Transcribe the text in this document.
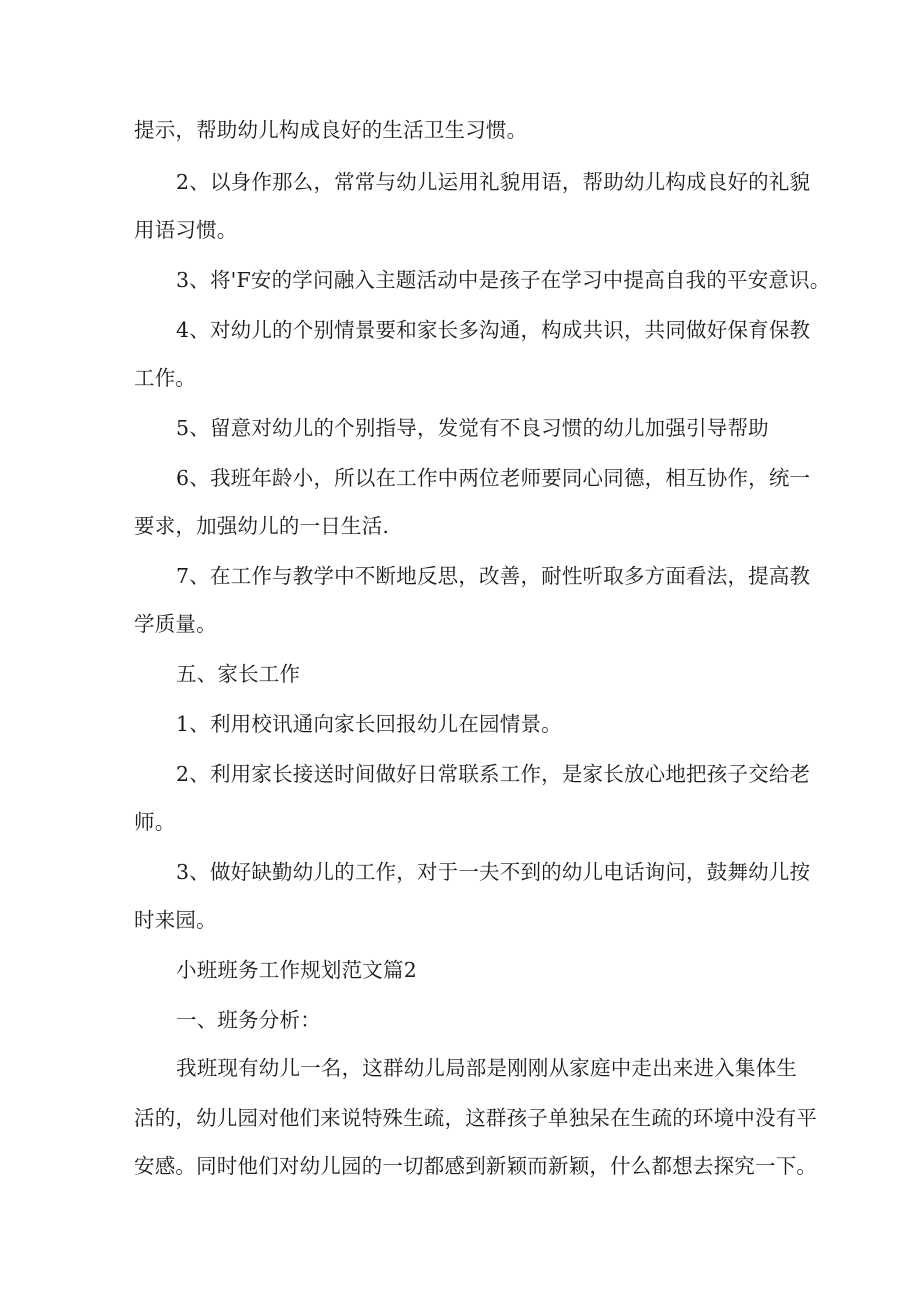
提示，帮助幼儿构成良好的生活卫生习惯。
2、以身作那么，常常与幼儿运用礼貌用语，帮助幼儿构成良好的礼貌
用语习惯。
3、将'F安的学问融入主题活动中是孩子在学习中提高自我的平安意识。
4、对幼儿的个别情景要和家长多沟通，构成共识，共同做好保育保教
工作。
5、留意对幼儿的个别指导，发觉有不良习惯的幼儿加强引导帮助
6、我班年龄小，所以在工作中两位老师要同心同德，相互协作，统一
要求，加强幼儿的一日生活.
7、在工作与教学中不断地反思，改善，耐性听取多方面看法，提高教
学质量。
五、家长工作
1、利用校讯通向家长回报幼儿在园情景。
2、利用家长接送时间做好日常联系工作，是家长放心地把孩子交给老
师。
3、做好缺勤幼儿的工作，对于一夫不到的幼儿电话询问，鼓舞幼儿按
时来园。
小班班务工作规划范文篇2
一、班务分析：
我班现有幼儿一名，这群幼儿局部是刚刚从家庭中走出来进入集体生
活的，幼儿园对他们来说特殊生疏，这群孩子单独呆在生疏的环境中没有平
安感。同时他们对幼儿园的一切都感到新颖而新颖，什么都想去探究一下。
